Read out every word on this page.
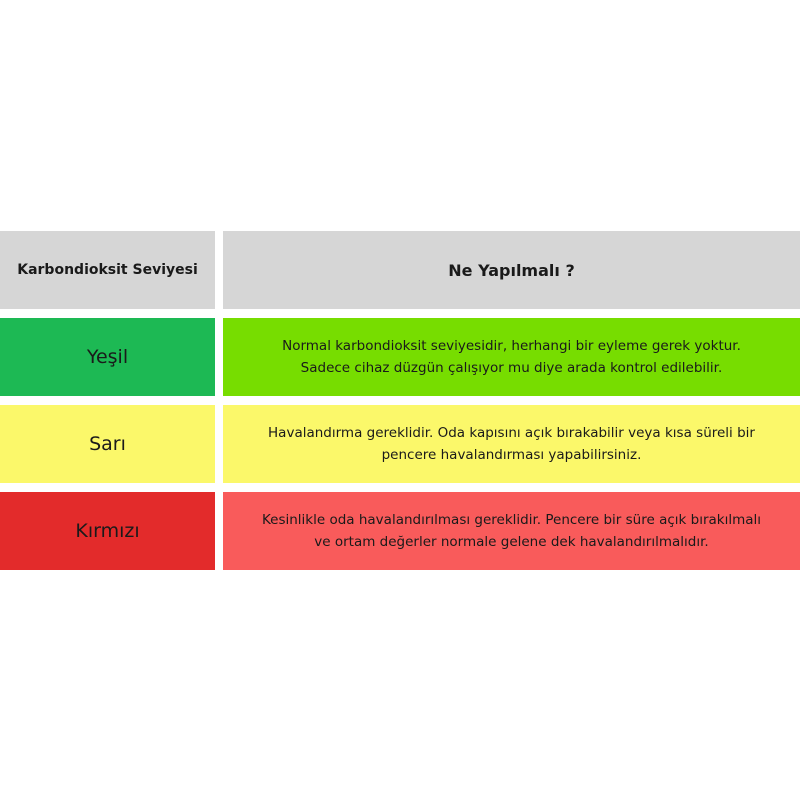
Karbondioksit Seviyesi	Ne Yapılmalı ?
Yeşil	Normal karbondioksit seviyesidir, herhangi bir eyleme gerek yoktur.
Sadece cihaz düzgün çalışıyor mu diye arada kontrol edilebilir.
Sarı	Havalandırma gereklidir. Oda kapısını açık bırakabilir veya kısa süreli bir
pencere havalandırması yapabilirsiniz.
Kırmızı	Kesinlikle oda havalandırılması gereklidir. Pencere bir süre açık bırakılmalı
ve ortam değerler normale gelene dek havalandırılmalıdır.
